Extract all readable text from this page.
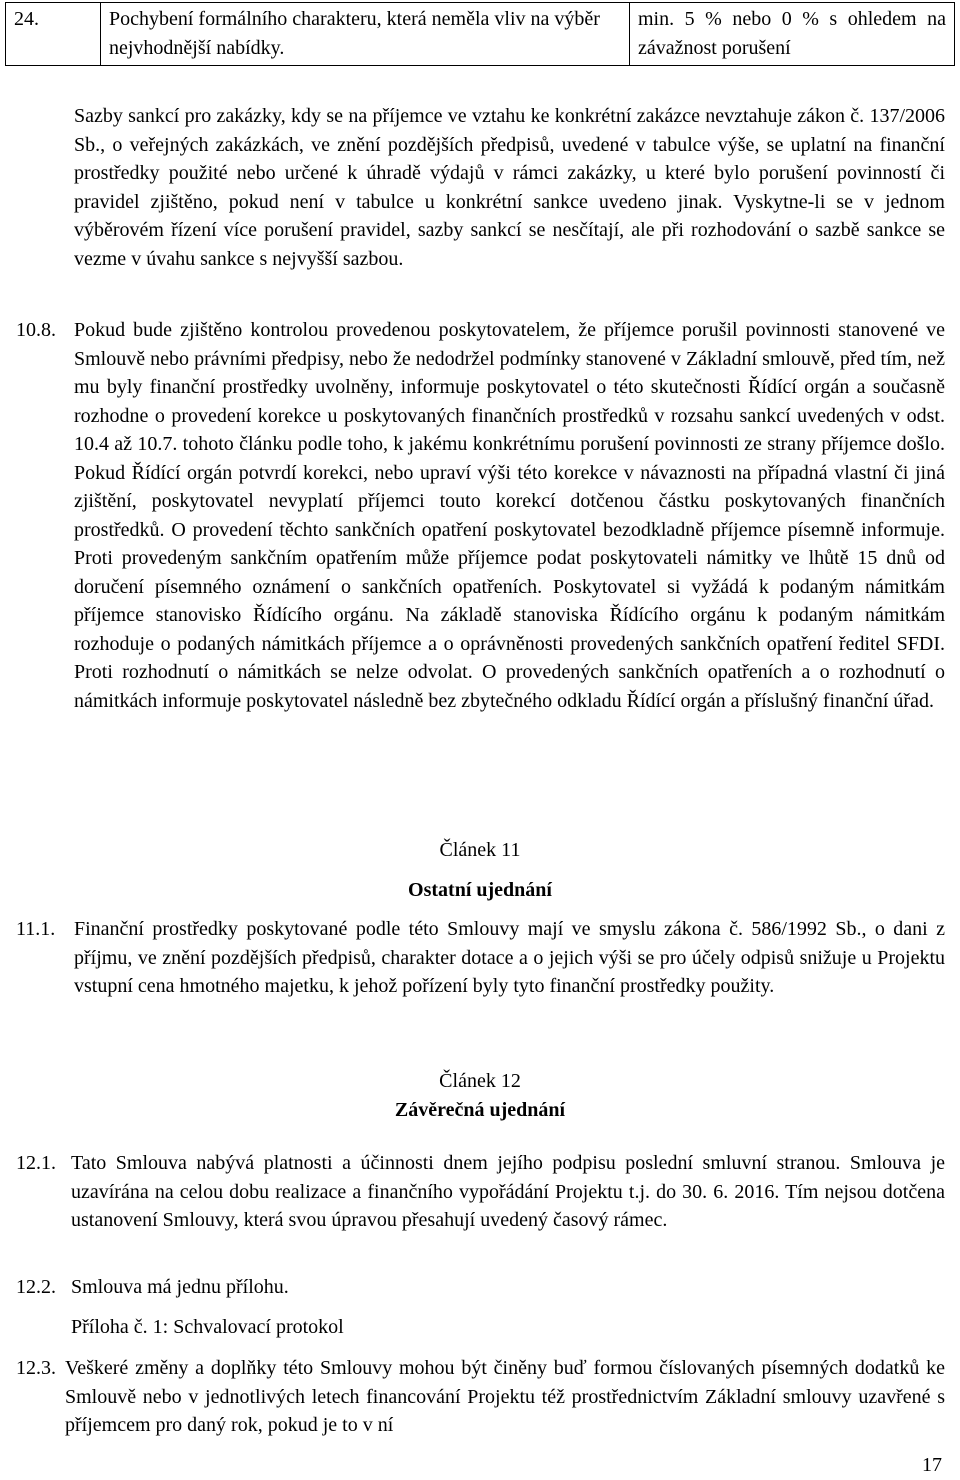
24.	Pochybení formálního charakteru, která neměla vliv na výběr nejvhodnější nabídky.	min. 5 % nebo 0 % s ohledem na závažnost porušení

Sazby sankcí pro zakázky, kdy se na příjemce ve vztahu ke konkrétní zakázce nevztahuje zákon č. 137/2006 Sb., o veřejných zakázkách, ve znění pozdějších předpisů, uvedené v tabulce výše, se uplatní na finanční prostředky použité nebo určené k úhradě výdajů v rámci zakázky, u které bylo porušení povinností či pravidel zjištěno, pokud není v tabulce u konkrétní sankce uvedeno jinak. Vyskytne-li se v jednom výběrovém řízení více porušení pravidel, sazby sankcí se nesčítají, ale při rozhodování o sazbě sankce se vezme v úvahu sankce s nejvyšší sazbou.

10.8. Pokud bude zjištěno kontrolou provedenou poskytovatelem, že příjemce porušil povinnosti stanovené ve Smlouvě nebo právními předpisy, nebo že nedodržel podmínky stanovené v Základní smlouvě, před tím, než mu byly finanční prostředky uvolněny, informuje poskytovatel o této skutečnosti Řídící orgán a současně rozhodne o provedení korekce u poskytovaných finančních prostředků v rozsahu sankcí uvedených v odst. 10.4 až 10.7. tohoto článku podle toho, k jakému konkrétnímu porušení povinnosti ze strany příjemce došlo. Pokud Řídící orgán potvrdí korekci, nebo upraví výši této korekce v návaznosti na případná vlastní či jiná zjištění, poskytovatel nevyplatí příjemci touto korekcí dotčenou částku poskytovaných finančních prostředků. O provedení těchto sankčních opatření poskytovatel bezodkladně příjemce písemně informuje. Proti provedeným sankčním opatřením může příjemce podat poskytovateli námitky ve lhůtě 15 dnů od doručení písemného oznámení o sankčních opatřeních. Poskytovatel si vyžádá k podaným námitkám příjemce stanovisko Řídícího orgánu. Na základě stanoviska Řídícího orgánu k podaným námitkám rozhoduje o podaných námitkách příjemce a o oprávněnosti provedených sankčních opatření ředitel SFDI. Proti rozhodnutí o námitkách se nelze odvolat. O provedených sankčních opatřeních a o rozhodnutí o námitkách informuje poskytovatel následně bez zbytečného odkladu Řídící orgán a příslušný finanční úřad.
Článek 11
Ostatní ujednání
11.1. Finanční prostředky poskytované podle této Smlouvy mají ve smyslu zákona č. 586/1992 Sb., o dani z příjmu, ve znění pozdějších předpisů, charakter dotace a o jejich výši se pro účely odpisů snižuje u Projektu vstupní cena hmotného majetku, k jehož pořízení byly tyto finanční prostředky použity.
Článek 12
Závěrečná ujednání
12.1. Tato Smlouva nabývá platnosti a účinnosti dnem jejího podpisu poslední smluvní stranou. Smlouva je uzavírána na celou dobu realizace a finančního vypořádání Projektu t.j. do 30. 6. 2016. Tím nejsou dotčena ustanovení Smlouvy, která svou úpravou přesahují uvedený časový rámec.
12.2. Smlouva má jednu přílohu.
Příloha č. 1: Schvalovací protokol
12.3. Veškeré změny a doplňky této Smlouvy mohou být činěny buď formou číslovaných písemných dodatků ke Smlouvě nebo v jednotlivých letech financování Projektu též prostřednictvím Základní smlouvy uzavřené s příjemcem pro daný rok, pokud je to v ní
17
